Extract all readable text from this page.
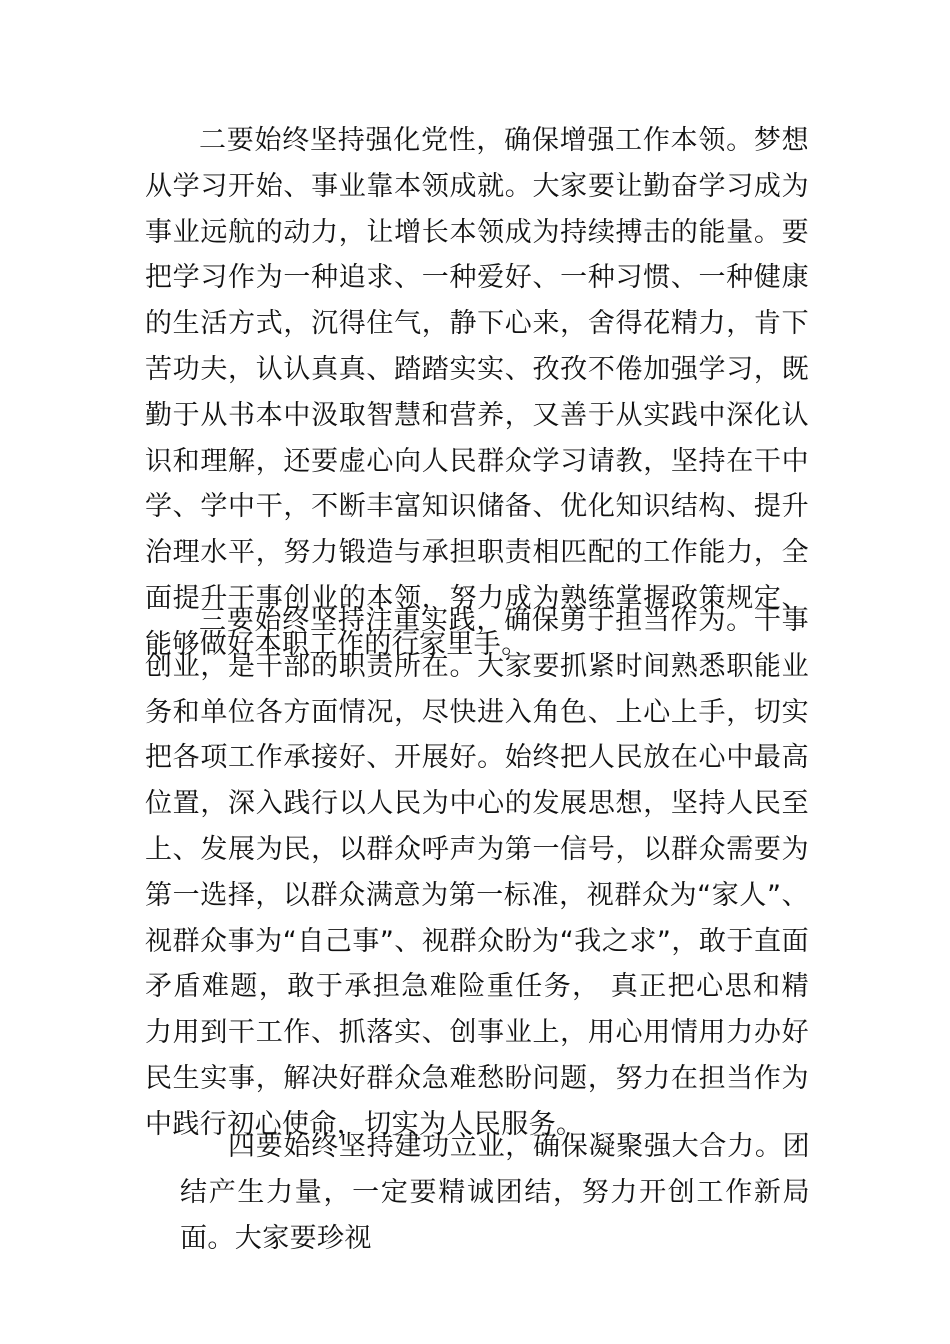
二要始终坚持强化党性，确保增强工作本领。梦想从学习开始、事业靠本领成就。大家要让勤奋学习成为事业远航的动力，让增长本领成为持续搏击的能量。要把学习作为一种追求、一种爱好、一种习惯、一种健康的生活方式，沉得住气，静下心来，舍得花精力，肯下苦功夫，认认真真、踏踏实实、孜孜不倦加强学习，既勤于从书本中汲取智慧和营养，又善于从实践中深化认识和理解，还要虚心向人民群众学习请教，坚持在干中学、学中干，不断丰富知识储备、优化知识结构、提升治理水平，努力锻造与承担职责相匹配的工作能力，全面提升干事创业的本领，努力成为熟练掌握政策规定、能够做好本职工作的行家里手。

三要始终坚持注重实践，确保勇于担当作为。干事创业，是干部的职责所在。大家要抓紧时间熟悉职能业务和单位各方面情况，尽快进入角色、上心上手，切实把各项工作承接好、开展好。始终把人民放在心中最高位置，深入践行以人民为中心的发展思想，坚持人民至上、发展为民，以群众呼声为第一信号，以群众需要为第一选择，以群众满意为第一标准，视群众为“家人”、视群众事为“自己事”、视群众盼为“我之求”，敢于直面矛盾难题，敢于承担急难险重任务， 真正把心思和精力用到干工作、抓落实、创事业上，用心用情用力办好民生实事，解决好群众急难愁盼问题，努力在担当作为中践行初心使命，切实为人民服务。

四要始终坚持建功立业，确保凝聚强大合力。团结产生力量，一定要精诚团结，努力开创工作新局面。大家要珍视
